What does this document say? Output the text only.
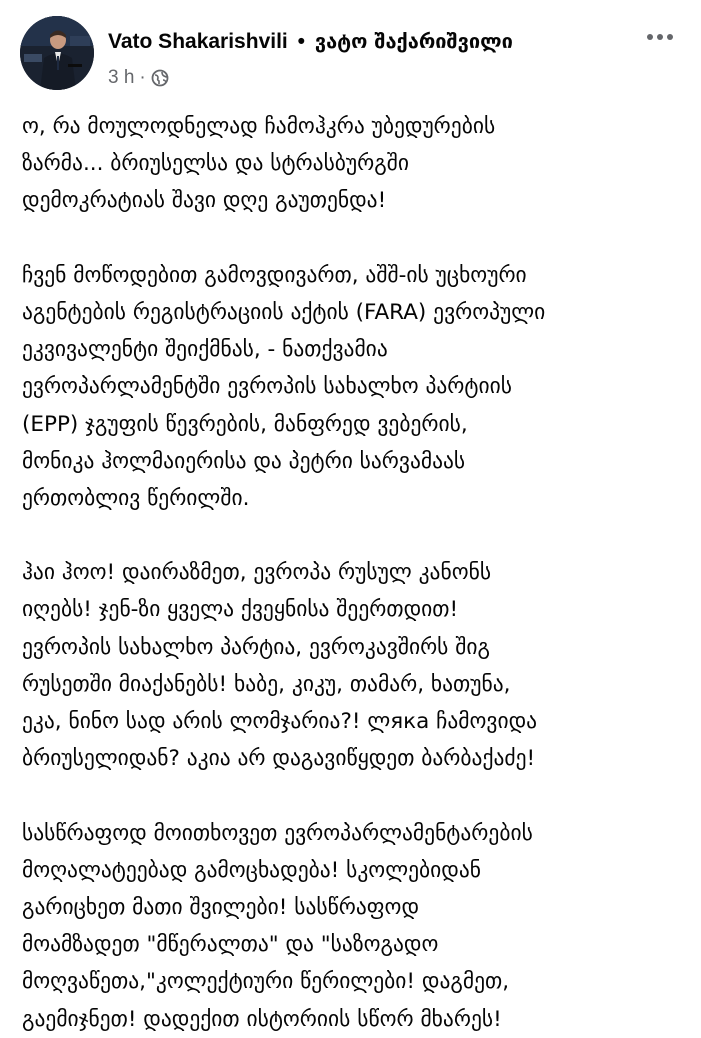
Vato Shakarishvili • ვატო შაქარიშვილი
3 h ·
ო, რა მოულოდნელად ჩამოჰკრა უბედურების
ზარმა... ბრიუსელსა და სტრასბურგში
დემოკრატიას შავი დღე გაუთენდა!
ჩვენ მოწოდებით გამოვდივართ, აშშ-ის უცხოური
აგენტების რეგისტრაციის აქტის (FARA) ევროპული
ეკვივალენტი შეიქმნას, - ნათქვამია
ევროპარლამენტში ევროპის სახალხო პარტიის
(EPP) ჯგუფის წევრების, მანფრედ ვებერის,
მონიკა ჰოლმაიერისა და პეტრი სარვამაას
ერთობლივ წერილში.
ჰაი ჰოო! დაირაზმეთ, ევროპა რუსულ კანონს
იღებს! ჯენ-ზი ყველა ქვეყნისა შეერთდით!
ევროპის სახალხო პარტია, ევროკავშირს შიგ
რუსეთში მიაქანებს! ხაბე, კიკუ, თამარ, ხათუნა,
ეკა, ნინო სად არის ლომჯარია?! ლяка ჩამოვიდა
ბრიუსელიდან? აკია არ დაგავიწყდეთ ბარბაქაძე!
სასწრაფოდ მოითხოვეთ ევროპარლამენტარების
მოღალატეებად გამოცხადება! სკოლებიდან
გარიცხეთ მათი შვილები! სასწრაფოდ
მოამზადეთ "მწერალთა" და "საზოგადო
მოღვაწეთა,"კოლექტიური წერილები! დაგმეთ,
გაემიჯნეთ! დადექით ისტორიის სწორ მხარეს!
